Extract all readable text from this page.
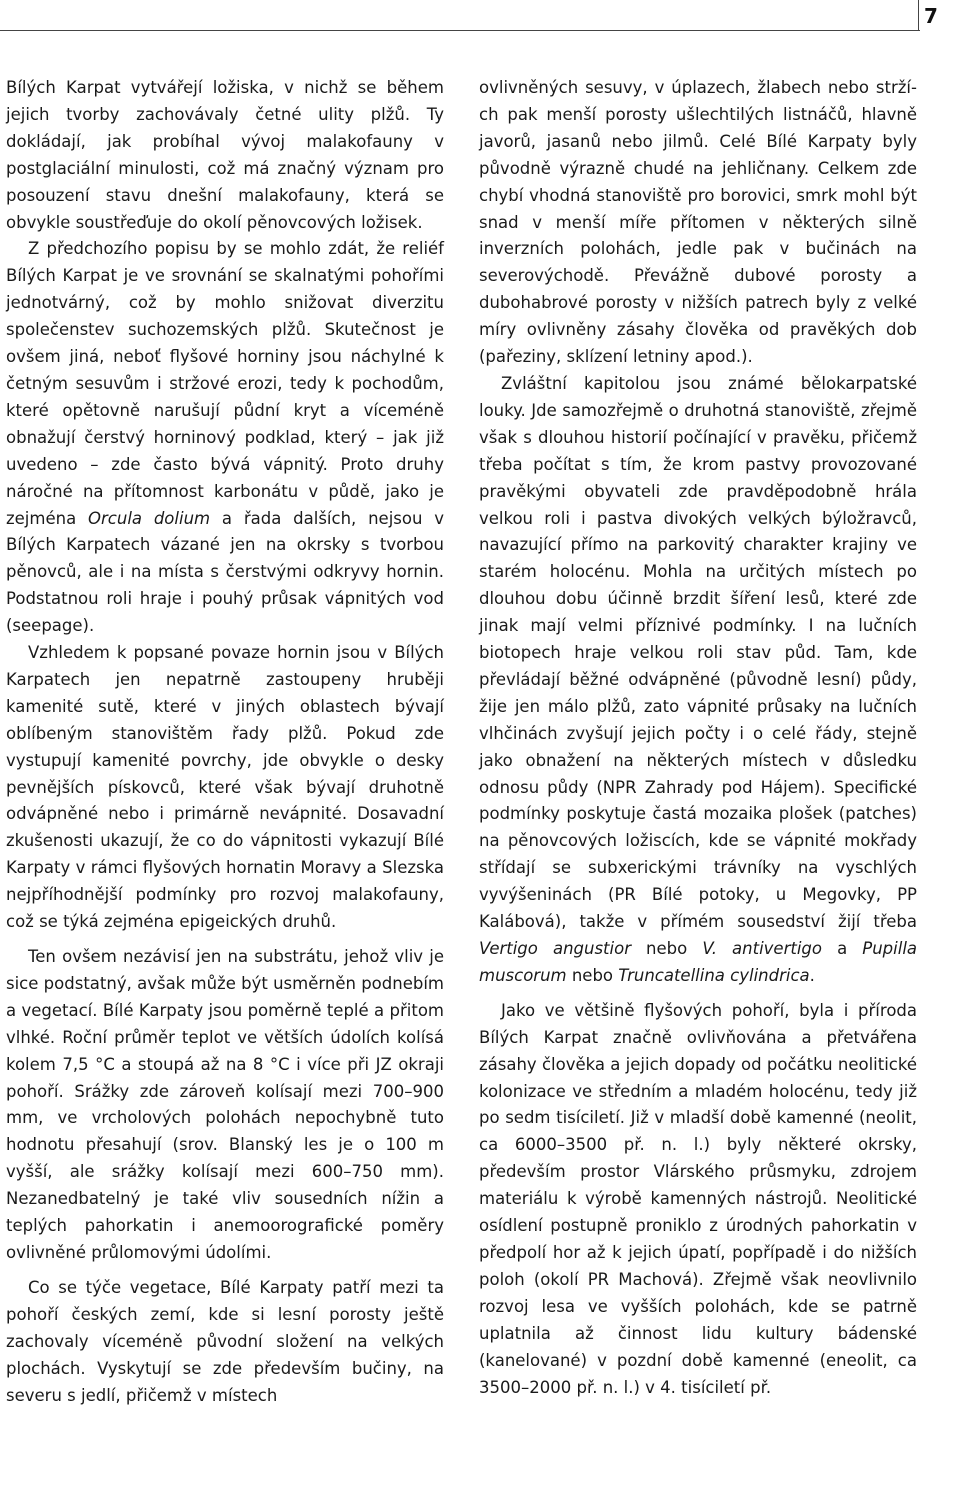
7

Bílých Karpat vytvářejí ložiska, v nichž se během jejich tvorby zachovávaly četné ulity plžů. Ty dokládají, jak probíhal vývoj malakofauny v postglaciální minulosti, což má značný význam pro posouzení stavu dnešní malakofauny, která se obvykle soustřeďuje do okolí pěnovcových ložisek.

Z předchozího popisu by se mohlo zdát, že reliéf Bílých Karpat je ve srovnání se skalnatými pohořími jednotvárný, což by mohlo snižovat diverzitu společenstev suchozemských plžů. Skutečnost je ovšem jiná, neboť flyšové horniny jsou náchylné k četným sesuvům i stržové erozi, tedy k pochodům, které opětovně narušují půdní kryt a víceméně obnažují čerstvý horninový podklad, který – jak již uvedeno – zde často bývá vápnitý. Proto druhy náročné na přítomnost karbonátu v půdě, jako je zejména Orcula dolium a řada dalších, nejsou v Bílých Karpatech vázané jen na okrsky s tvorbou pěnovců, ale i na místa s čerstvými odkryvy hornin. Podstatnou roli hraje i pouhý průsak vápnitých vod (seepage).

Vzhledem k popsané povaze hornin jsou v Bílých Karpatech jen nepatrně zastoupeny hruběji kamenité sutě, které v jiných oblastech bývají oblíbeným stanovištěm řady plžů. Pokud zde vystupují kamenité povrchy, jde obvykle o desky pevnějších pískovců, které však bývají druhotně odvápněné nebo i primárně nevápnité. Dosavadní zkušenosti ukazují, že co do vápnitosti vykazují Bílé Karpaty v rámci flyšových hornatin Moravy a Slezska nejpříhodnější podmínky pro rozvoj malakofauny, což se týká zejména epigeických druhů.

Ten ovšem nezávisí jen na substrátu, jehož vliv je sice podstatný, avšak může být usměrněn podnebím a vegetací. Bílé Karpaty jsou poměrně teplé a přitom vlhké. Roční průměr teplot ve větších údolích kolísá kolem 7,5 °C a stoupá až na 8 °C i více při JZ okraji pohoří. Srážky zde zároveň kolísají mezi 700–900 mm, ve vrcholových polohách nepochybně tuto hodnotu přesahují (srov. Blanský les je o 100 m vyšší, ale srážky kolísají mezi 600–750 mm). Nezanedbatelný je také vliv sousedních nížin a teplých pahorkatin i anemoorografické poměry ovlivněné průlomovými údolími.

Co se týče vegetace, Bílé Karpaty patří mezi ta pohoří českých zemí, kde si lesní porosty ještě zachovaly víceméně původní složení na velkých plochách. Vyskytují se zde především bučiny, na severu s jedlí, přičemž v místech

ovlivněných sesuvy, v úplazech, žlabech nebo stržích pak menší porosty ušlechtilých listnáčů, hlavně javorů, jasanů nebo jilmů. Celé Bílé Karpaty byly původně výrazně chudé na jehličnany. Celkem zde chybí vhodná stanoviště pro borovici, smrk mohl být snad v menší míře přítomen v některých silně inverzních polohách, jedle pak v bučinách na severovýchodě. Převážně dubové porosty a dubohabrové porosty v nižších patrech byly z velké míry ovlivněny zásahy člověka od pravěkých dob (pařeziny, sklízení letniny apod.).

Zvláštní kapitolou jsou známé bělokarpatské louky. Jde samozřejmě o druhotná stanoviště, zřejmě však s dlouhou historií počínající v pravěku, přičemž třeba počítat s tím, že krom pastvy provozované pravěkými obyvateli zde pravděpodobně hrála velkou roli i pastva divokých velkých býložravců, navazující přímo na parkovitý charakter krajiny ve starém holocénu. Mohla na určitých místech po dlouhou dobu účinně brzdit šíření lesů, které zde jinak mají velmi příznivé podmínky. I na lučních biotopech hraje velkou roli stav půd. Tam, kde převládají běžné odvápněné (původně lesní) půdy, žije jen málo plžů, zato vápnité průsaky na lučních vlhčinách zvyšují jejich počty i o celé řády, stejně jako obnažení na některých místech v důsledku odnosu půdy (NPR Zahrady pod Hájem). Specifické podmínky poskytuje častá mozaika plošek (patches) na pěnovcových ložiscích, kde se vápnité mokřady střídají se subxerickými trávníky na vyschlých vyvýšeninách (PR Bílé potoky, u Megovky, PP Kalábová), takže v přímém sousedství žijí třeba Vertigo angustior nebo V. antivertigo a Pupilla muscorum nebo Truncatellina cylindrica.

Jako ve většině flyšových pohoří, byla i příroda Bílých Karpat značně ovlivňována a přetvářena zásahy člověka a jejich dopady od počátku neolitické kolonizace ve středním a mladém holocénu, tedy již po sedm tisíciletí. Již v mladší době kamenné (neolit, ca 6000–3500 př. n. l.) byly některé okrsky, především prostor Vlárského průsmyku, zdrojem materiálu k výrobě kamenných nástrojů. Neolitické osídlení postupně proniklo z úrodných pahorkatin v předpolí hor až k jejich úpatí, popřípadě i do nižších poloh (okolí PR Machová). Zřejmě však neovlivnilo rozvoj lesa ve vyšších polohách, kde se patrně uplatnila až činnost lidu kultury bádenské (kanelované) v pozdní době kamenné (eneolit, ca 3500–2000 př. n. l.) v 4. tisíciletí př.
